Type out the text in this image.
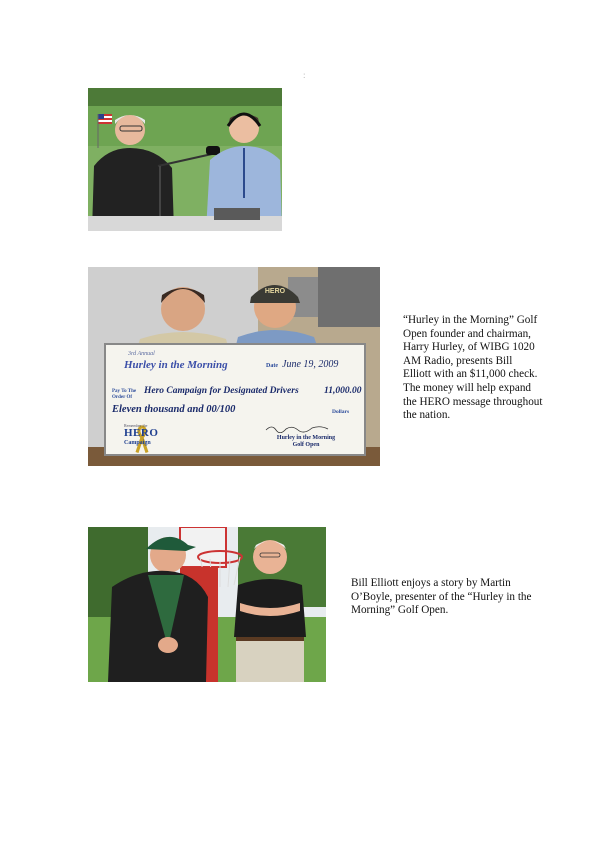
:
HERO
3rd Annual
Hurley in the Morning	Date June 19, 2009
Pay To The
Order Of
Hero Campaign for Designated Drivers	11,000.00
Eleven thousand and 00/100	Dollars
Remember the
HERO
Campaign
Hurley in the Morning
Golf Open

“Hurley in the Morning” Golf Open founder and chairman, Harry Hurley, of WIBG 1020 AM Radio, presents Bill Elliott with an $11,000 check. The money will help expand the HERO message throughout the nation.

Bill Elliott enjoys a story by Martin O’Boyle, presenter of the “Hurley in the Morning” Golf Open.
